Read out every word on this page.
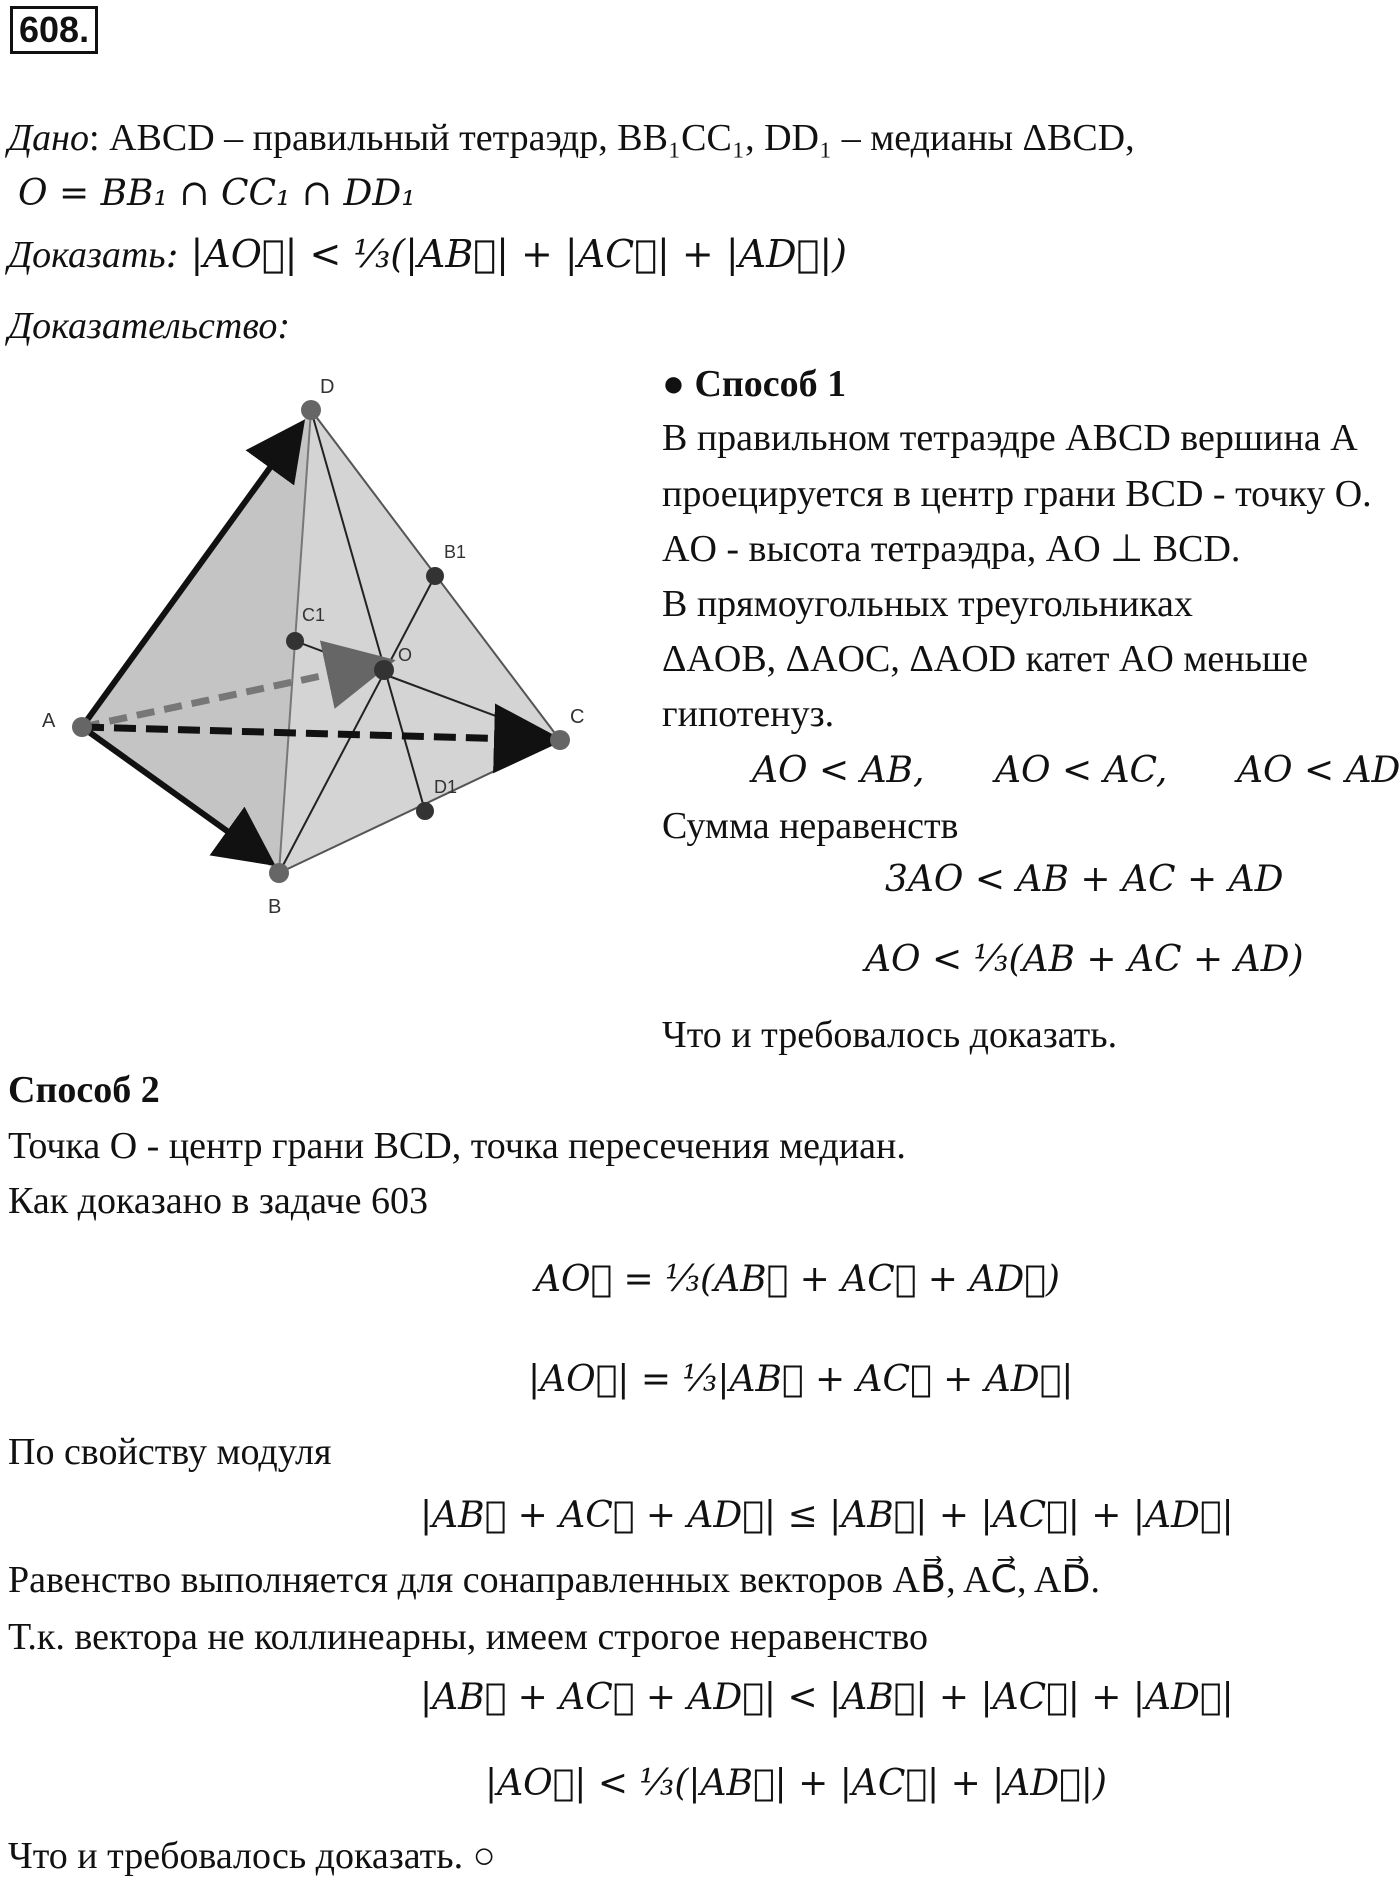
608.
Дано: ABCD – правильный тетраэдр, BB₁CC₁, DD₁ – медианы ΔBCD,
O = BB₁ ∩ CC₁ ∩ DD₁
Доказать: |AO⃗| < ⅓(|AB⃗| + |AC⃗| + |AD⃗|)
Доказательство:
D
A
B
C
B1
C1
D1
O
● Способ 1
В правильном тетраэдре ABCD вершина A
проецируется в центр грани BCD - точку O.
AO - высота тетраэдра, AO ⊥ BCD.
В прямоугольных треугольниках
ΔAOB, ΔAOC, ΔAOD катет AO меньше
гипотенуз.
AO < AB, AO < AC, AO < AD
Сумма неравенств
3AO < AB + AC + AD
AO < ⅓(AB + AC + AD)
Что и требовалось доказать.
Способ 2
Точка O - центр грани BCD, точка пересечения медиан.
Как доказано в задаче 603
AO⃗ = ⅓(AB⃗ + AC⃗ + AD⃗)
|AO⃗| = ⅓|AB⃗ + AC⃗ + AD⃗|
По свойству модуля
|AB⃗ + AC⃗ + AD⃗| ≤ |AB⃗| + |AC⃗| + |AD⃗|
Равенство выполняется для сонаправленных векторов AB⃗, AC⃗, AD⃗.
Т.к. вектора не коллинеарны, имеем строгое неравенство
|AB⃗ + AC⃗ + AD⃗| < |AB⃗| + |AC⃗| + |AD⃗|
|AO⃗| < ⅓(|AB⃗| + |AC⃗| + |AD⃗|)
Что и требовалось доказать. ○
